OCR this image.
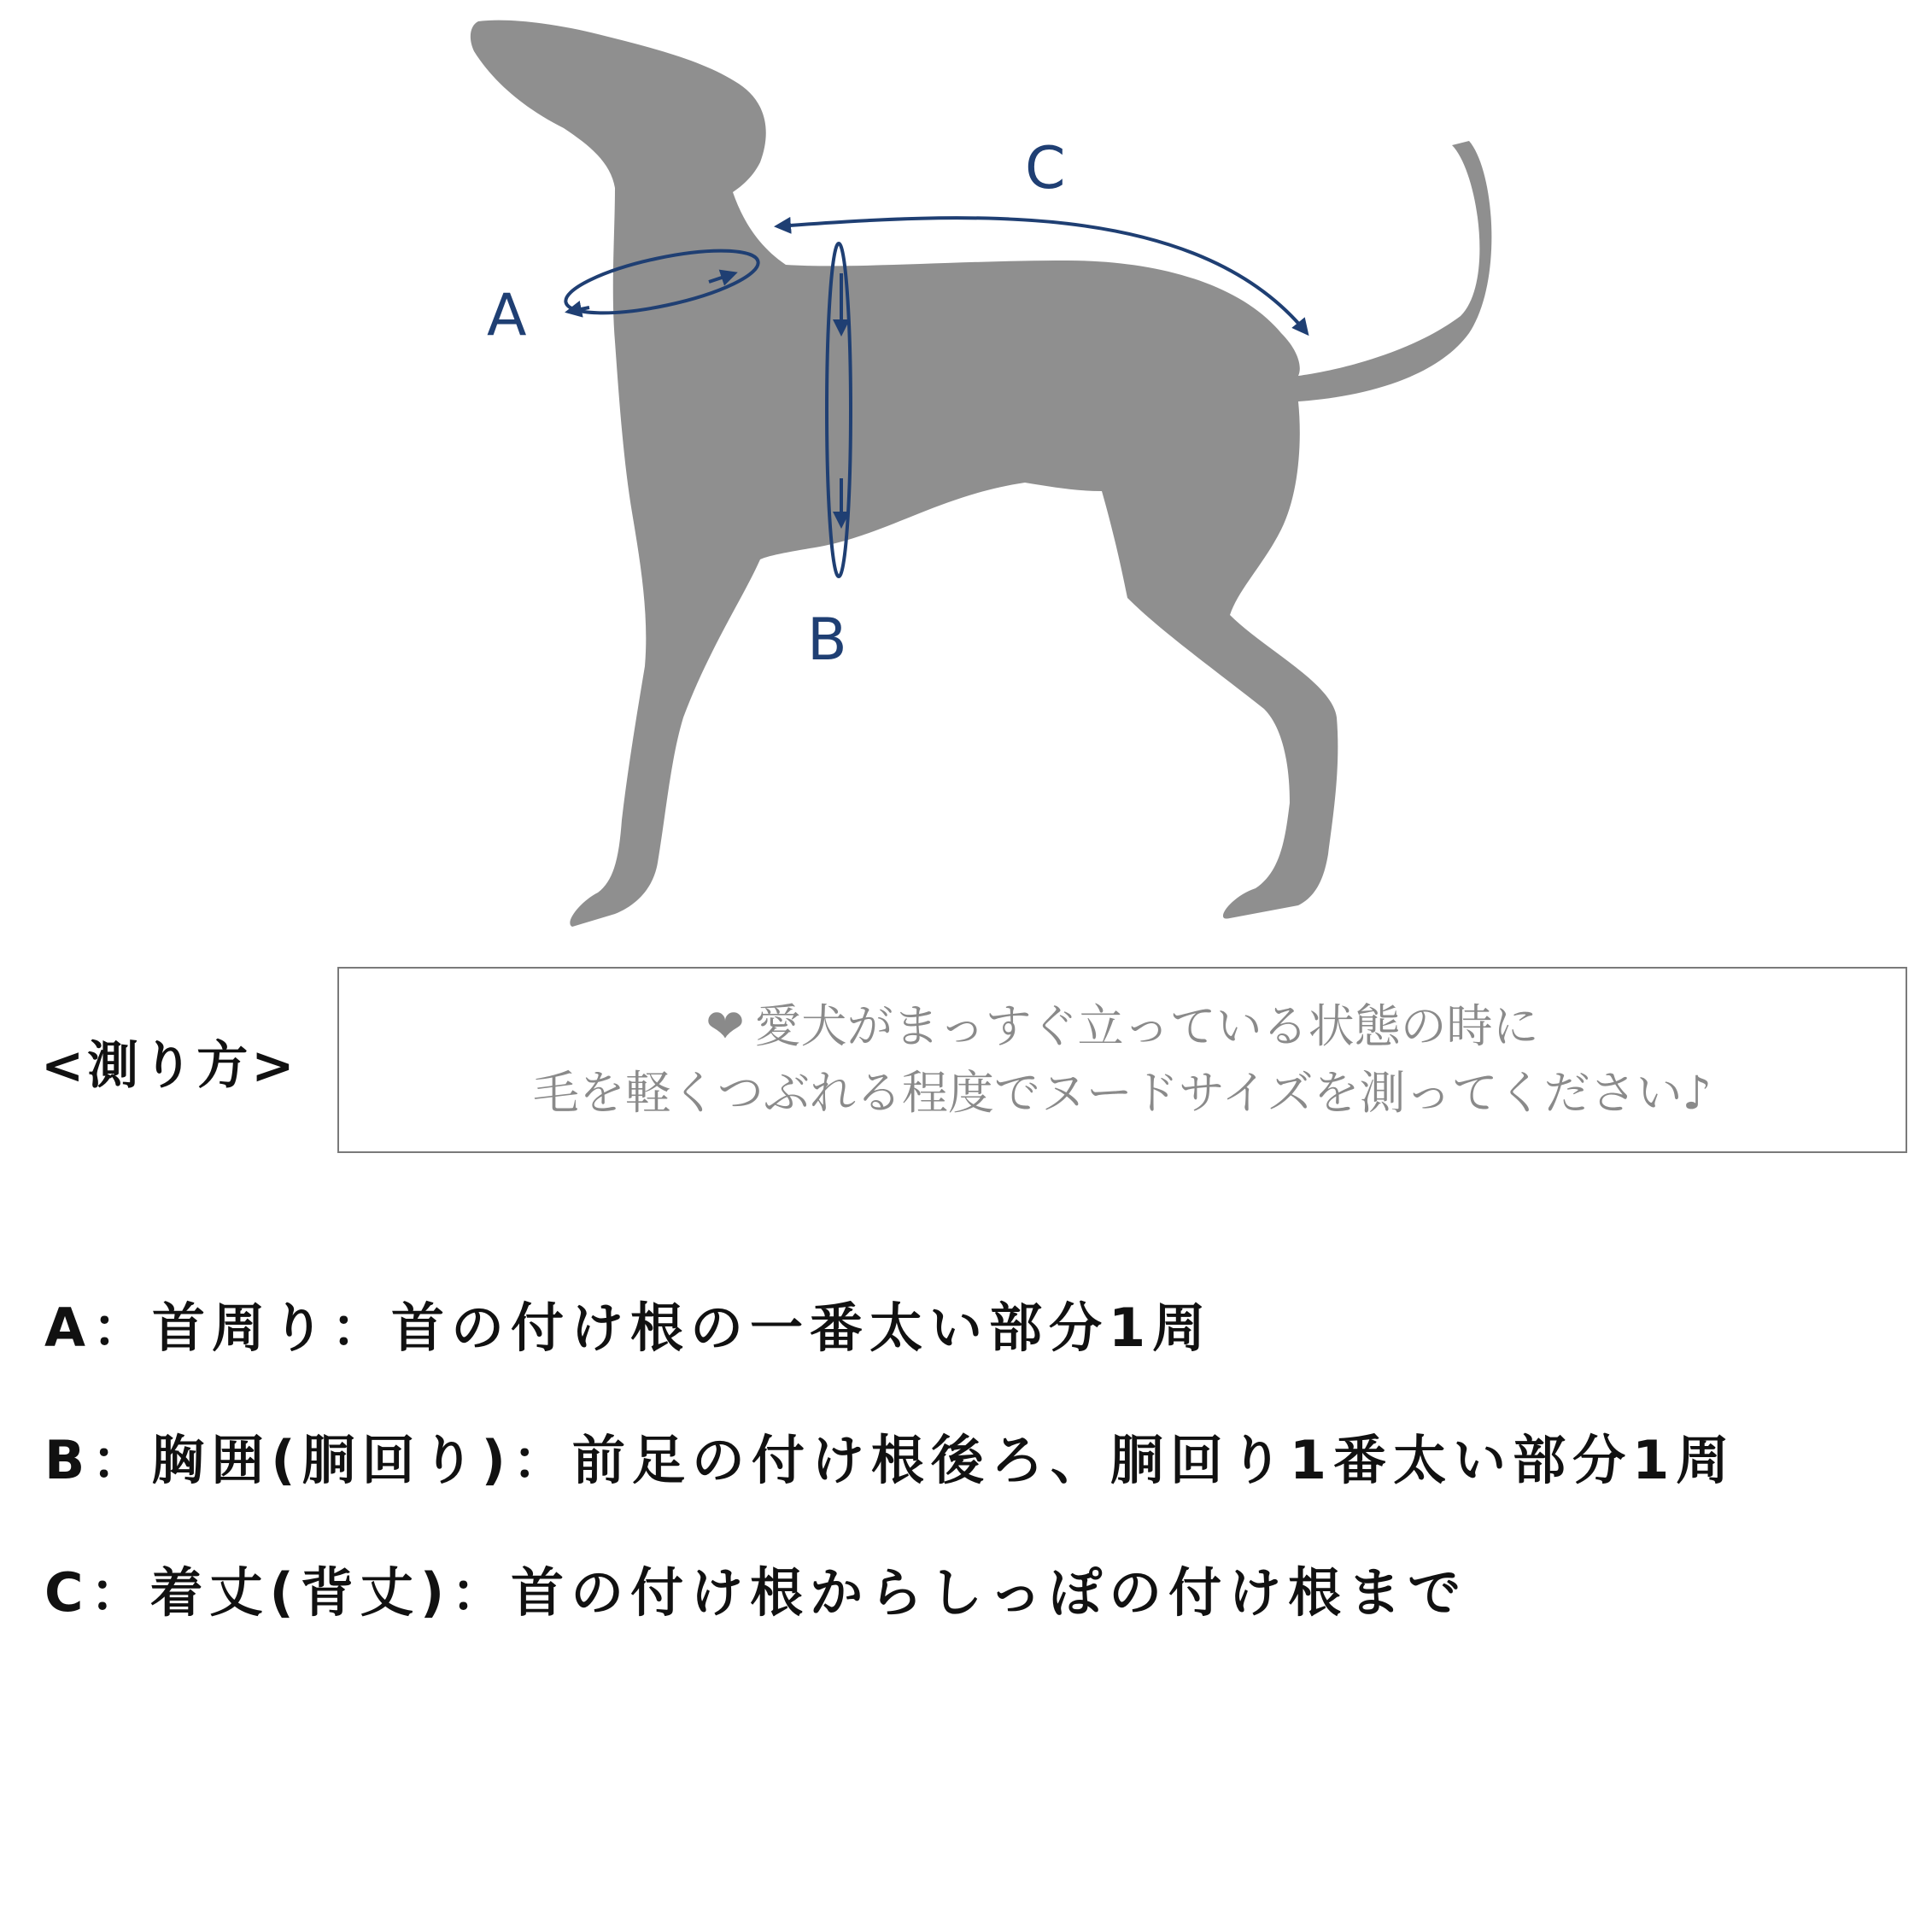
A
B
C
<測り方>
❤ 愛犬がまっすぐ立っている状態の時に
毛を軽くつぶれる程度でヌードサイズを測ってください♪
A：首周り：首の付け根の一番太い部分1周
B：胸囲(胴回り)：前足の付け根後ろ、胴回り1番太い部分1周
C：着丈(背丈)：首の付け根からしっぽの付け根まで
